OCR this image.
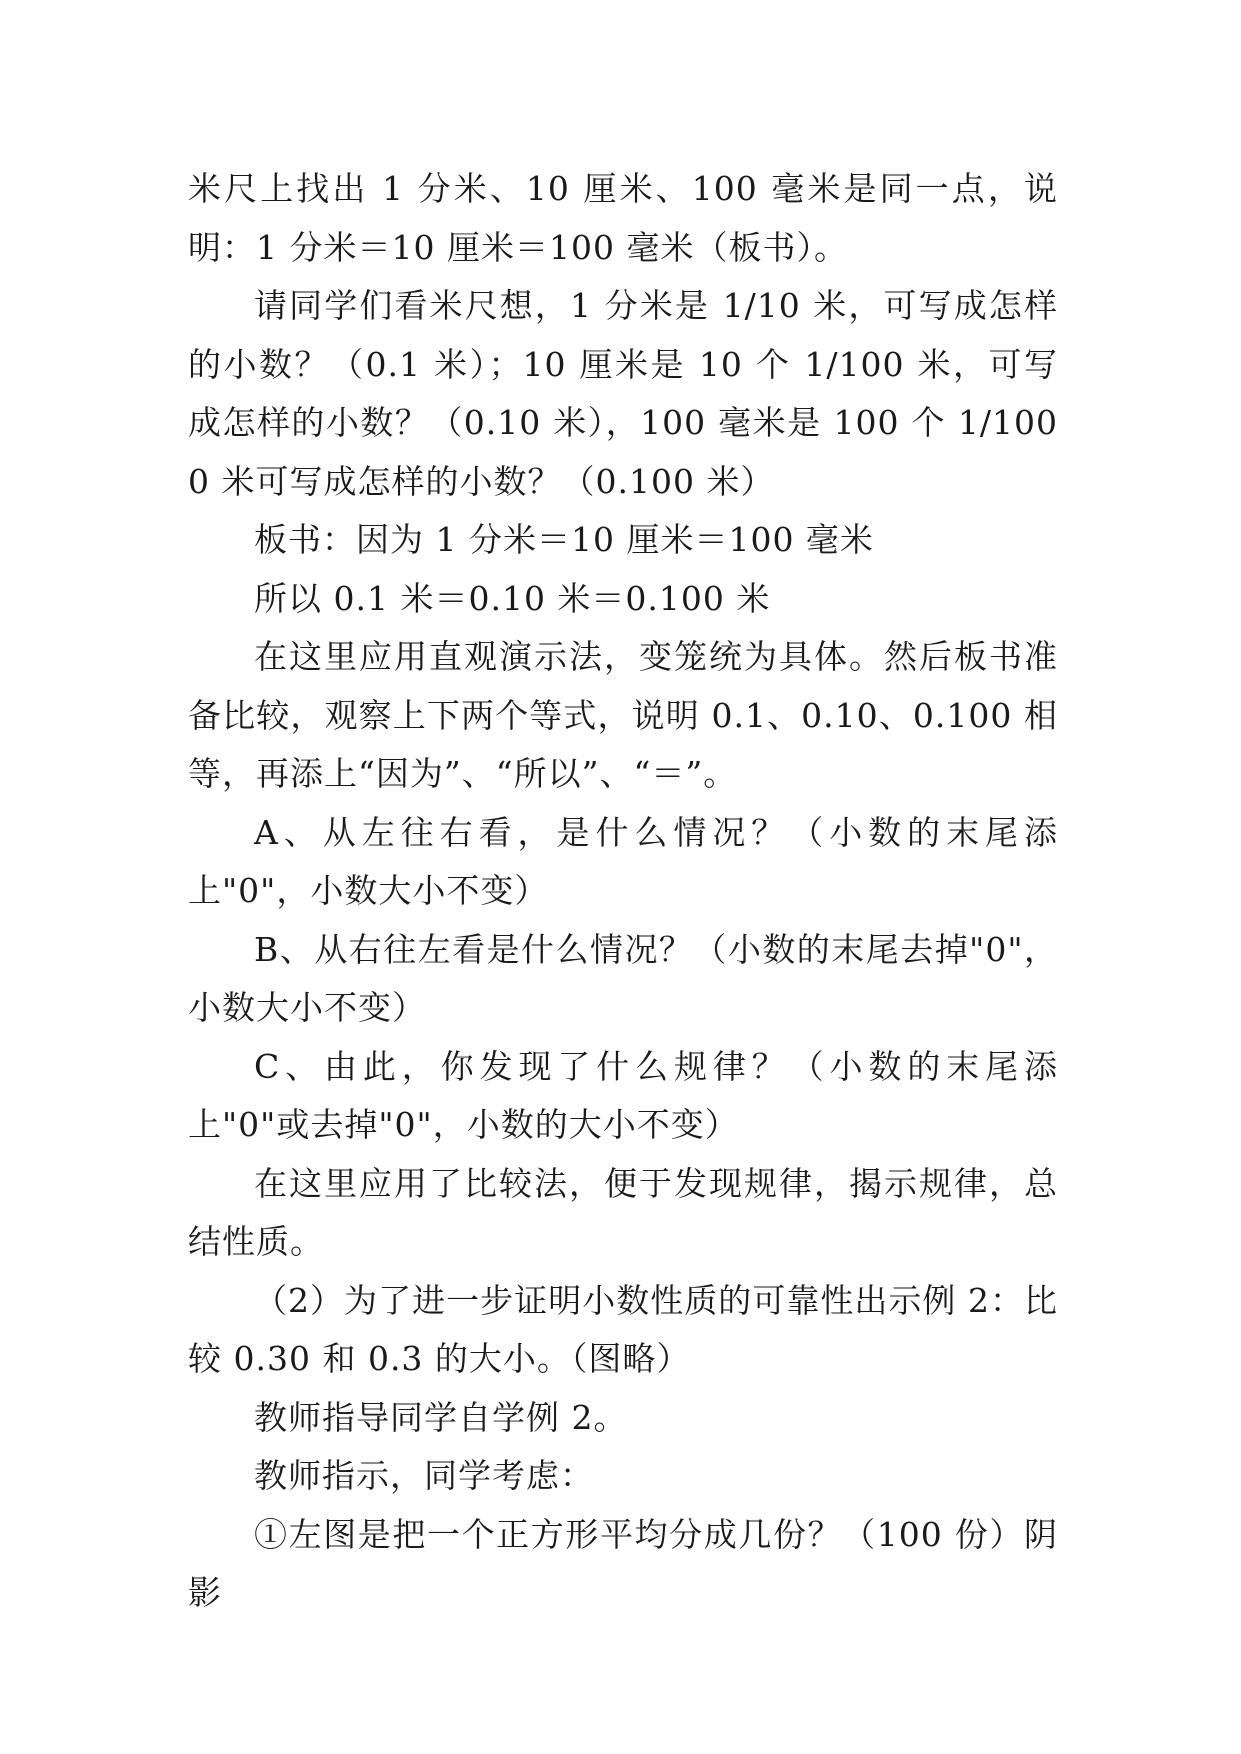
米尺上找出 1 分米、10 厘米、100 毫米是同一点，说明：1 分米＝10 厘米＝100 毫米（板书）。

请同学们看米尺想，1 分米是 1/10 米，可写成怎样的小数？（0.1 米）；10 厘米是 10 个 1/100 米，可写成怎样的小数？（0.10 米），100 毫米是 100 个 1/1000 米可写成怎样的小数？（0.100 米）

板书：因为 1 分米＝10 厘米＝100 毫米

所以 0.1 米＝0.10 米＝0.100 米

在这里应用直观演示法，变笼统为具体。然后板书准备比较，观察上下两个等式，说明 0.1、0.10、0.100 相等，再添上“因为”、“所以”、“＝”。

A、从左往右看，是什么情况？（小数的末尾添上"0"，小数大小不变）

B、从右往左看是什么情况？（小数的末尾去掉"0"，小数大小不变）

C、由此，你发现了什么规律？（小数的末尾添上"0"或去掉"0"，小数的大小不变）

在这里应用了比较法，便于发现规律，揭示规律，总结性质。

（2）为了进一步证明小数性质的可靠性出示例 2：比较 0.30 和 0.3 的大小。（图略）

教师指导同学自学例 2。

教师指示，同学考虑：

①左图是把一个正方形平均分成几份？（100 份）阴影
